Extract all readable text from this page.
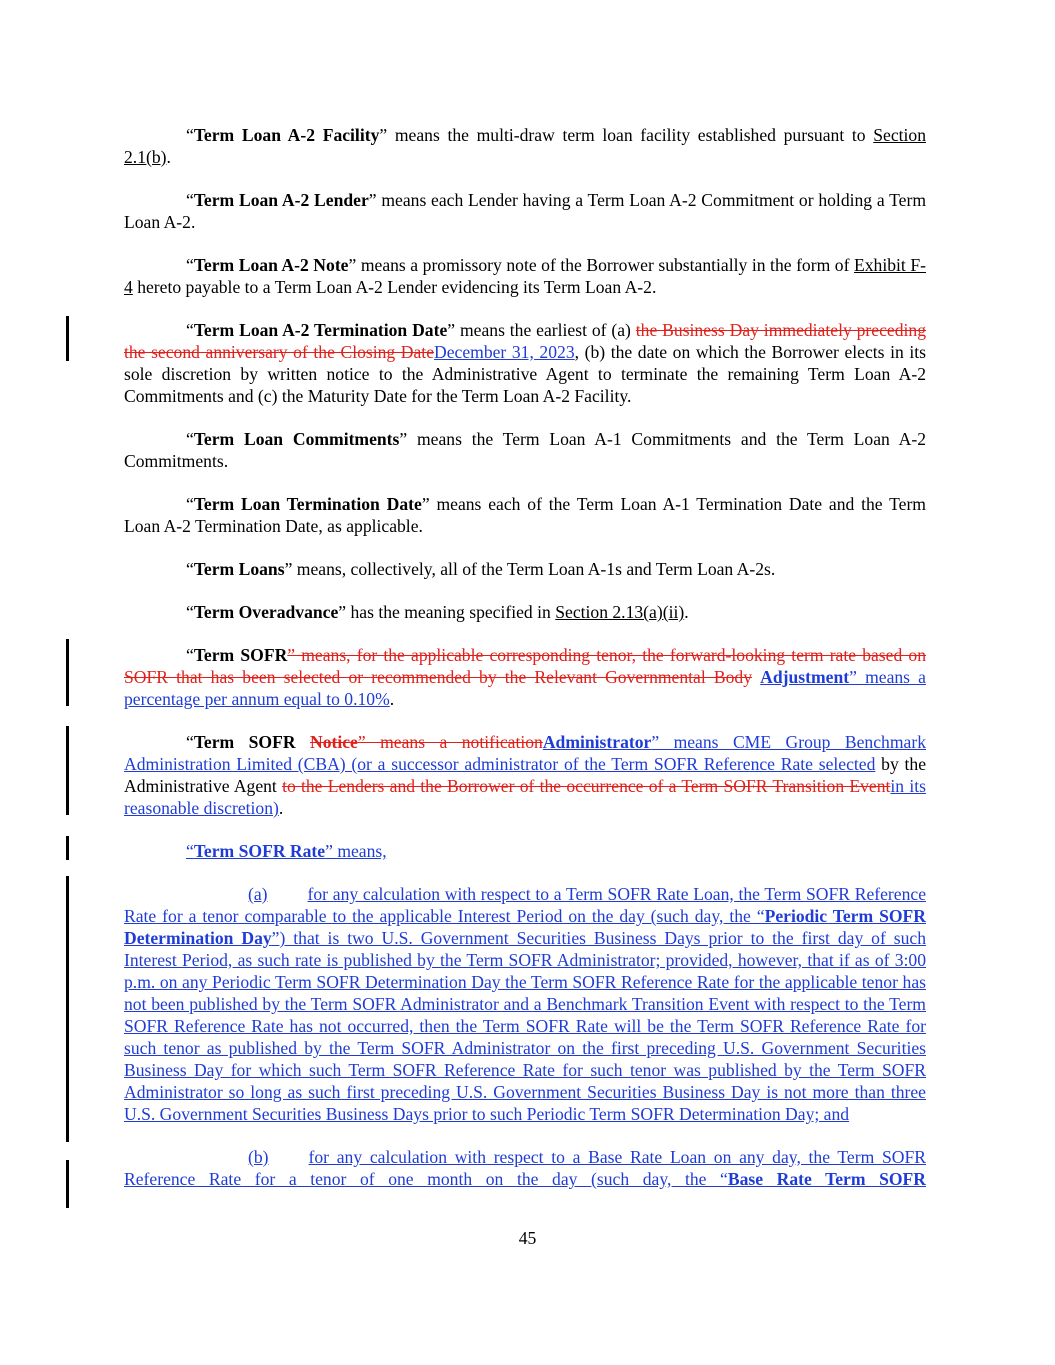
“Term Loan A-2 Facility” means the multi-draw term loan facility established pursuant to Section 2.1(b).

“Term Loan A-2 Lender” means each Lender having a Term Loan A-2 Commitment or holding a Term Loan A-2.

“Term Loan A-2 Note” means a promissory note of the Borrower substantially in the form of Exhibit F-4 hereto payable to a Term Loan A-2 Lender evidencing its Term Loan A-2.

“Term Loan A-2 Termination Date” means the earliest of (a) the Business Day immediately preceding the second anniversary of the Closing DateDecember 31, 2023, (b) the date on which the Borrower elects in its sole discretion by written notice to the Administrative Agent to terminate the remaining Term Loan A-2 Commitments and (c) the Maturity Date for the Term Loan A-2 Facility.

“Term Loan Commitments” means the Term Loan A-1 Commitments and the Term Loan A-2 Commitments.

“Term Loan Termination Date” means each of the Term Loan A-1 Termination Date and the Term Loan A-2 Termination Date, as applicable.

“Term Loans” means, collectively, all of the Term Loan A-1s and Term Loan A-2s.

“Term Overadvance” has the meaning specified in Section 2.13(a)(ii).

“Term SOFR” means, for the applicable corresponding tenor, the forward-looking term rate based on SOFR that has been selected or recommended by the Relevant Governmental Body Adjustment” means a percentage per annum equal to 0.10%.

“Term SOFR Notice” means a notificationAdministrator” means CME Group Benchmark Administration Limited (CBA) (or a successor administrator of the Term SOFR Reference Rate selected by the Administrative Agent to the Lenders and the Borrower of the occurrence of a Term SOFR Transition Eventin its reasonable discretion).

“Term SOFR Rate” means,

(a) for any calculation with respect to a Term SOFR Rate Loan, the Term SOFR Reference Rate for a tenor comparable to the applicable Interest Period on the day (such day, the “Periodic Term SOFR Determination Day”) that is two U.S. Government Securities Business Days prior to the first day of such Interest Period, as such rate is published by the Term SOFR Administrator; provided, however, that if as of 3:00 p.m. on any Periodic Term SOFR Determination Day the Term SOFR Reference Rate for the applicable tenor has not been published by the Term SOFR Administrator and a Benchmark Transition Event with respect to the Term SOFR Reference Rate has not occurred, then the Term SOFR Rate will be the Term SOFR Reference Rate for such tenor as published by the Term SOFR Administrator on the first preceding U.S. Government Securities Business Day for which such Term SOFR Reference Rate for such tenor was published by the Term SOFR Administrator so long as such first preceding U.S. Government Securities Business Day is not more than three U.S. Government Securities Business Days prior to such Periodic Term SOFR Determination Day; and

(b) for any calculation with respect to a Base Rate Loan on any day, the Term SOFR Reference Rate for a tenor of one month on the day (such day, the “Base Rate Term SOFR

45
